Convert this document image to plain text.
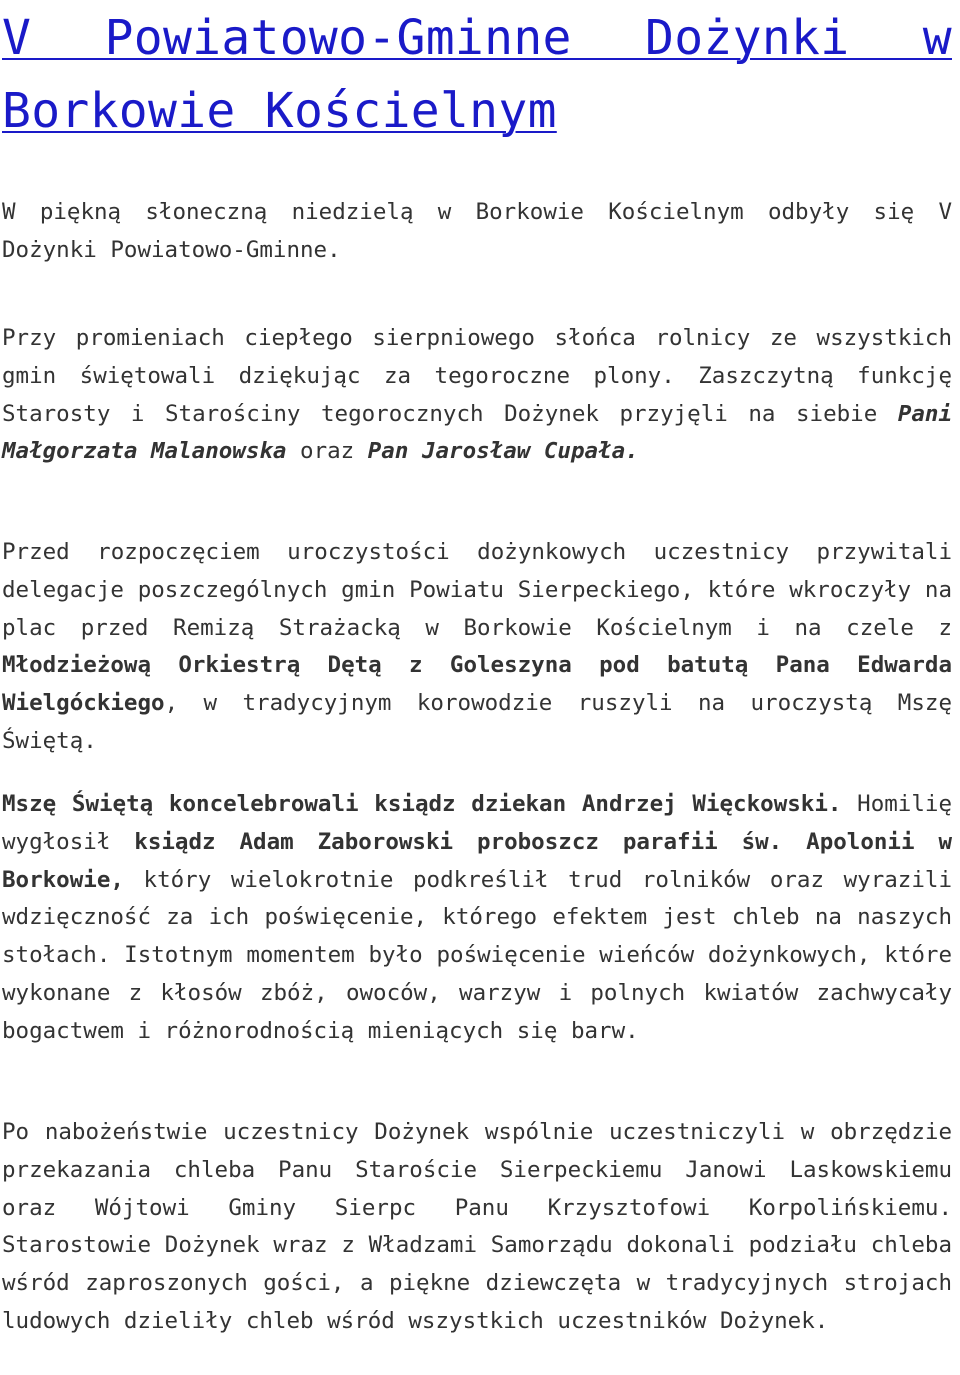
V Powiatowo-Gminne Dożynki w Borkowie Kościelnym

W piękną słoneczną niedzielą w Borkowie Kościelnym odbyły się V Dożynki Powiatowo-Gminne.

Przy promieniach ciepłego sierpniowego słońca rolnicy ze wszystkich gmin świętowali dziękując za tegoroczne plony. Zaszczytną funkcję Starosty i Starościny tegorocznych Dożynek przyjęli na siebie Pani Małgorzata Malanowska oraz Pan Jarosław Cupała.

Przed rozpoczęciem uroczystości dożynkowych uczestnicy przywitali delegacje poszczególnych gmin Powiatu Sierpeckiego, które wkroczyły na plac przed Remizą Strażacką w Borkowie Kościelnym i na czele z Młodzieżową Orkiestrą Dętą z Goleszyna pod batutą Pana Edwarda Wielgóckiego, w tradycyjnym korowodzie ruszyli na uroczystą Mszę Świętą.

Mszę Świętą koncelebrowali ksiądz dziekan Andrzej Więckowski. Homilię wygłosił ksiądz Adam Zaborowski proboszcz parafii św. Apolonii w Borkowie, który wielokrotnie podkreślił trud rolników oraz wyrazili wdzięczność za ich poświęcenie, którego efektem jest chleb na naszych stołach. Istotnym momentem było poświęcenie wieńców dożynkowych, które wykonane z kłosów zbóż, owoców, warzyw i polnych kwiatów zachwycały bogactwem i różnorodnością mieniących się barw.

Po nabożeństwie uczestnicy Dożynek wspólnie uczestniczyli w obrzędzie przekazania chleba Panu Staroście Sierpeckiemu Janowi Laskowskiemu oraz Wójtowi Gminy Sierpc Panu Krzysztofowi Korpolińskiemu. Starostowie Dożynek wraz z Władzami Samorządu dokonali podziału chleba wśród zaproszonych gości, a piękne dziewczęta w tradycyjnych strojach ludowych dzieliły chleb wśród wszystkich uczestników Dożynek.
